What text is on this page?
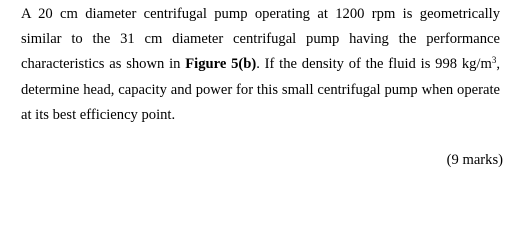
A 20 cm diameter centrifugal pump operating at 1200 rpm is geometrically similar to the 31 cm diameter centrifugal pump having the performance characteristics as shown in Figure 5(b). If the density of the fluid is 998 $kg/m^3$, determine head, capacity and power for this small centrifugal pump when operate at its best efficiency point.

(9 marks)
